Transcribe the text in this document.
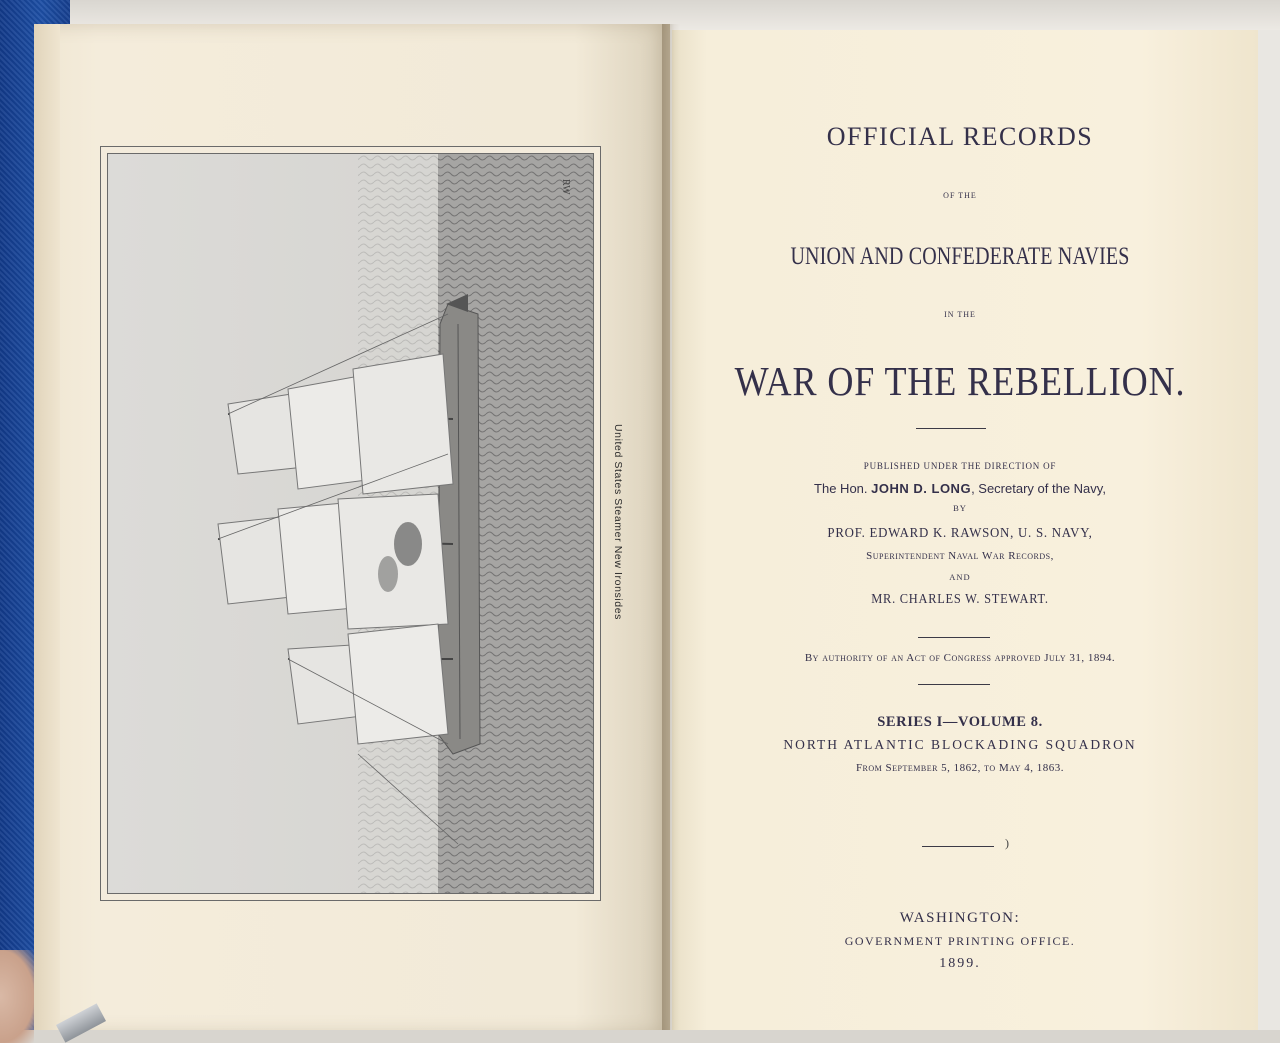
RW
United States Steamer New Ironsides
OFFICIAL RECORDS
OF THE
UNION AND CONFEDERATE NAVIES
IN THE
WAR OF THE REBELLION.
PUBLISHED UNDER THE DIRECTION OF
The Hon. JOHN D. LONG, Secretary of the Navy,
BY
PROF. EDWARD K. RAWSON, U. S. NAVY,
Superintendent Naval War Records,
AND
MR. CHARLES W. STEWART.
By authority of an Act of Congress approved July 31, 1894.
SERIES I—VOLUME 8.
NORTH ATLANTIC BLOCKADING SQUADRON
From September 5, 1862, to May 4, 1863.
)
WASHINGTON:
GOVERNMENT PRINTING OFFICE.
1899.
